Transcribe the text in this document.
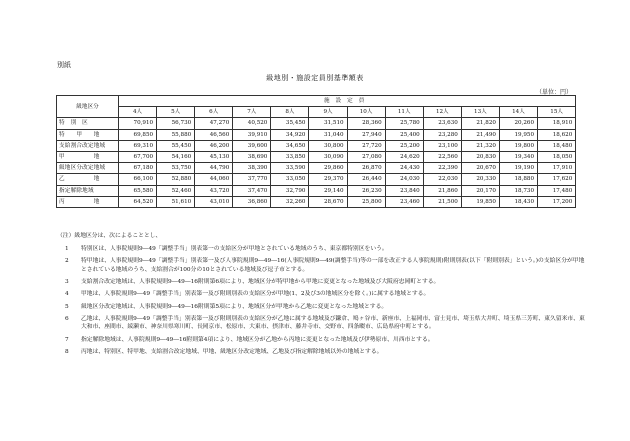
別紙
級地別・施設定員別基準額表
（単位：円）
級地区分	施設定員											
	4人	5人	6人	7人	8人	9人	10人	11人	12人	13人	14人	15人
特　別　区	70,910	56,730	47,270	40,520	35,450	31,510	28,360	25,780	23,630	21,820	20,260	18,910
特　　甲　　地	69,850	55,880	46,560	39,910	34,920	31,040	27,940	25,400	23,280	21,490	19,950	18,620
支給割合改定地域	69,310	55,450	46,200	39,600	34,650	30,800	27,720	25,200	23,100	21,320	19,800	18,480
甲　　　　　地	67,700	54,160	45,130	38,690	33,850	30,090	27,080	24,620	22,560	20,830	19,340	18,050
級地区分改定地域	67,180	53,750	44,790	38,390	33,590	29,860	26,870	24,430	22,390	20,670	19,190	17,910
乙　　　　　地	66,100	52,880	44,060	37,770	33,050	29,370	26,440	24,030	22,030	20,330	18,880	17,620
指定解除地域	65,580	52,460	43,720	37,470	32,790	29,140	26,230	23,840	21,860	20,170	18,730	17,480
丙　　　　　地	64,520	51,610	43,010	36,860	32,260	28,670	25,800	23,460	21,500	19,850	18,430	17,200
（注）級地区分は、次によることとし、
1	特別区は、人事院規則9―49「調整手当」別表第一の支給区分が甲地とされている地域のうち、東京都特別区をいう。
2	特甲地は、人事院規則9―49「調整手当」別表第一及び人事院規則9―49―16(人事院規則9―49(調整手当)等の一部を改正する人事院規則)附則別表(以下「附則別表」という。)の支給区分が甲地とされている地域のうち、支給割合が100分の10とされている地域及び逗子市とする。
3	支給割合改定地域は、人事院規則9―49―16附則第6項により、地域区分が特甲地から甲地に変更となった地域及び大阪府忠岡町とする。
4	甲地は、人事院規則9―49「調整手当」別表第一及び附則別表の支給区分が甲地(1、2及び3の地域区分を除く。)に属する地域とする。
5	級地区分改定地域は、人事院規則9―49―16附則第5項により、地域区分が甲地から乙地に変更となった地域とする。
6	乙地は、人事院規則9―49「調整手当」別表第一及び附則別表の支給区分が乙地に属する地域及び鎌倉、鳩ヶ谷市、新座市、上福岡市、富士見市、埼玉県大井町、埼玉県三芳町、東久留米市、東大和市、座間市、綾瀬市、神奈川県寒川町、長岡京市、松原市、大東市、摂津市、藤井寺市、交野市、四条畷市、広島県府中町とする。
7	指定解除地域は、人事院規則9―49―16附則第4項により、地域区分が乙地から丙地に変更となった地域及び伊勢原市、川西市とする。
8	丙地は、特別区、特甲地、支給割合改定地域、甲地、級地区分改定地域、乙地及び指定解除地域以外の地域とする。
